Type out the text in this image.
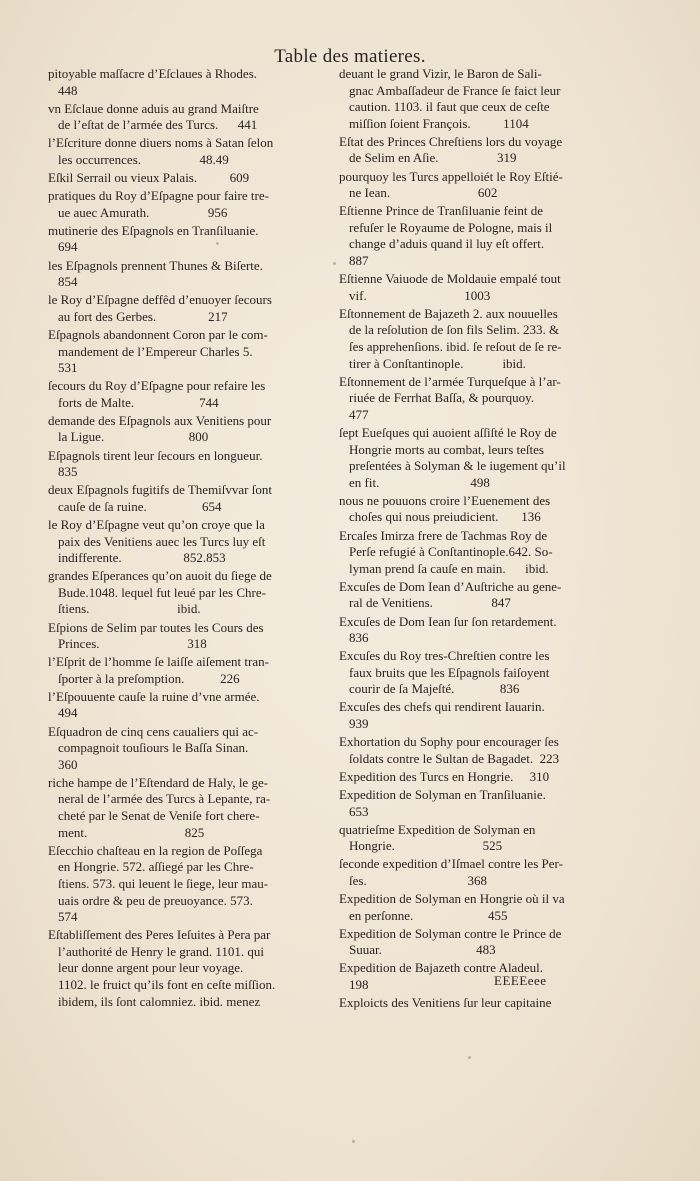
Table des matieres.
pitoyable maſſacre d’Eſclaues à Rhodes.
448
vn Eſclaue donne aduis au grand Maiſtre
de l’eſtat de l’armée des Turcs.      441
l’Eſcriture donne diuers noms à Satan ſelon
les occurrences.                  48.49
Eſkil Serrail ou vieux Palais.          609
pratiques du Roy d’Eſpagne pour faire tre-
ue auec Amurath.                  956
mutinerie des Eſpagnols en Tranſiluanie.
694
les Eſpagnols prennent Thunes & Biſerte.
854
le Roy d’Eſpagne deffêd d’enuoyer ſecours
au fort des Gerbes.                217
Eſpagnols abandonnent Coron par le com-
mandement de l’Empereur Charles 5.
531
ſecours du Roy d’Eſpagne pour refaire les
forts de Malte.                    744
demande des Eſpagnols aux Venitiens pour
la Ligue.                          800
Eſpagnols tirent leur ſecours en longueur.
835
deux Eſpagnols fugitifs de Themiſvvar ſont
cauſe de ſa ruine.                 654
le Roy d’Eſpagne veut qu’on croye que la
paix des Venitiens auec les Turcs luy eſt
indifferente.                   852.853
grandes Eſperances qu’on auoit du ſiege de
Bude.1048. lequel fut leué par les Chre-
ſtiens.                           ibid.
Eſpions de Selim par toutes les Cours des
Princes.                           318
l’Eſprit de l’homme ſe laiſſe aiſement tran-
ſporter à la preſomption.           226
l’Eſpouuente cauſe la ruine d’vne armée.
494
Eſquadron de cinq cens caualiers qui ac-
compagnoit touſiours le Baſſa Sinan.
360
riche hampe de l’Eſtendard de Haly, le ge-
neral de l’armée des Turcs à Lepante, ra-
cheté par le Senat de Veniſe fort chere-
ment.                              825
Eſecchio chaſteau en la region de Poſſega
en Hongrie. 572. aſſiegé par les Chre-
ſtiens. 573. qui leuent le ſiege, leur mau-
uais ordre & peu de preuoyance. 573.
574
Eſtabliſſement des Peres Ieſuites à Pera par
l’authorité de Henry le grand. 1101. qui
leur donne argent pour leur voyage.
1102. le fruict qu’ils font en ceſte miſſion.
ibidem, ils ſont calomniez. ibid. menez
deuant le grand Vizir, le Baron de Sali-
gnac Ambaſſadeur de France ſe faict leur
caution. 1103. il faut que ceux de ceſte
miſſion ſoient François.          1104
Eſtat des Princes Chreſtiens lors du voyage
de Selim en Aſie.                  319
pourquoy les Turcs appelloiét le Roy Eſtié-
ne Iean.                           602
Eſtienne Prince de Tranſiluanie feint de
refuſer le Royaume de Pologne, mais il
change d’aduis quand il luy eſt offert.
887
Eſtienne Vaiuode de Moldauie empalé tout
vif.                              1003
Eſtonnement de Bajazeth 2. aux nouuelles
de la reſolution de ſon fils Selim. 233. &
ſes apprehenſions. ibid. ſe reſout de ſe re-
tirer à Conſtantinople.            ibid.
Eſtonnement de l’armée Turqueſque à l’ar-
riuée de Ferrhat Baſſa, & pourquoy.
477
ſept Eueſques qui auoient aſſiſté le Roy de
Hongrie morts au combat, leurs teſtes
preſentées à Solyman & le iugement qu’il
en fit.                            498
nous ne pouuons croire l’Euenement des
choſes qui nous preiudicient.       136
Ercaſes Imirza frere de Tachmas Roy de
Perſe refugié à Conſtantinople.642. So-
lyman prend ſa cauſe en main.      ibid.
Excuſes de Dom Iean d’Auſtriche au gene-
ral de Venitiens.                  847
Excuſes de Dom Iean ſur ſon retardement.
836
Excuſes du Roy tres-Chreſtien contre les
faux bruits que les Eſpagnols faiſoyent
courir de ſa Majeſté.              836
Excuſes des chefs qui rendirent Iauarin.
939
Exhortation du Sophy pour encourager ſes
ſoldats contre le Sultan de Bagadet.  223
Expedition des Turcs en Hongrie.     310
Expedition de Solyman en Tranſiluanie.
653
quatrieſme Expedition de Solyman en
Hongrie.                           525
ſeconde expedition d’Iſmael contre les Per-
ſes.                               368
Expedition de Solyman en Hongrie où il va
en perſonne.                       455
Expedition de Solyman contre le Prince de
Suuar.                             483
Expedition de Bajazeth contre Aladeul.
198
Exploicts des Venitiens ſur leur capitaine
EEEEeee
